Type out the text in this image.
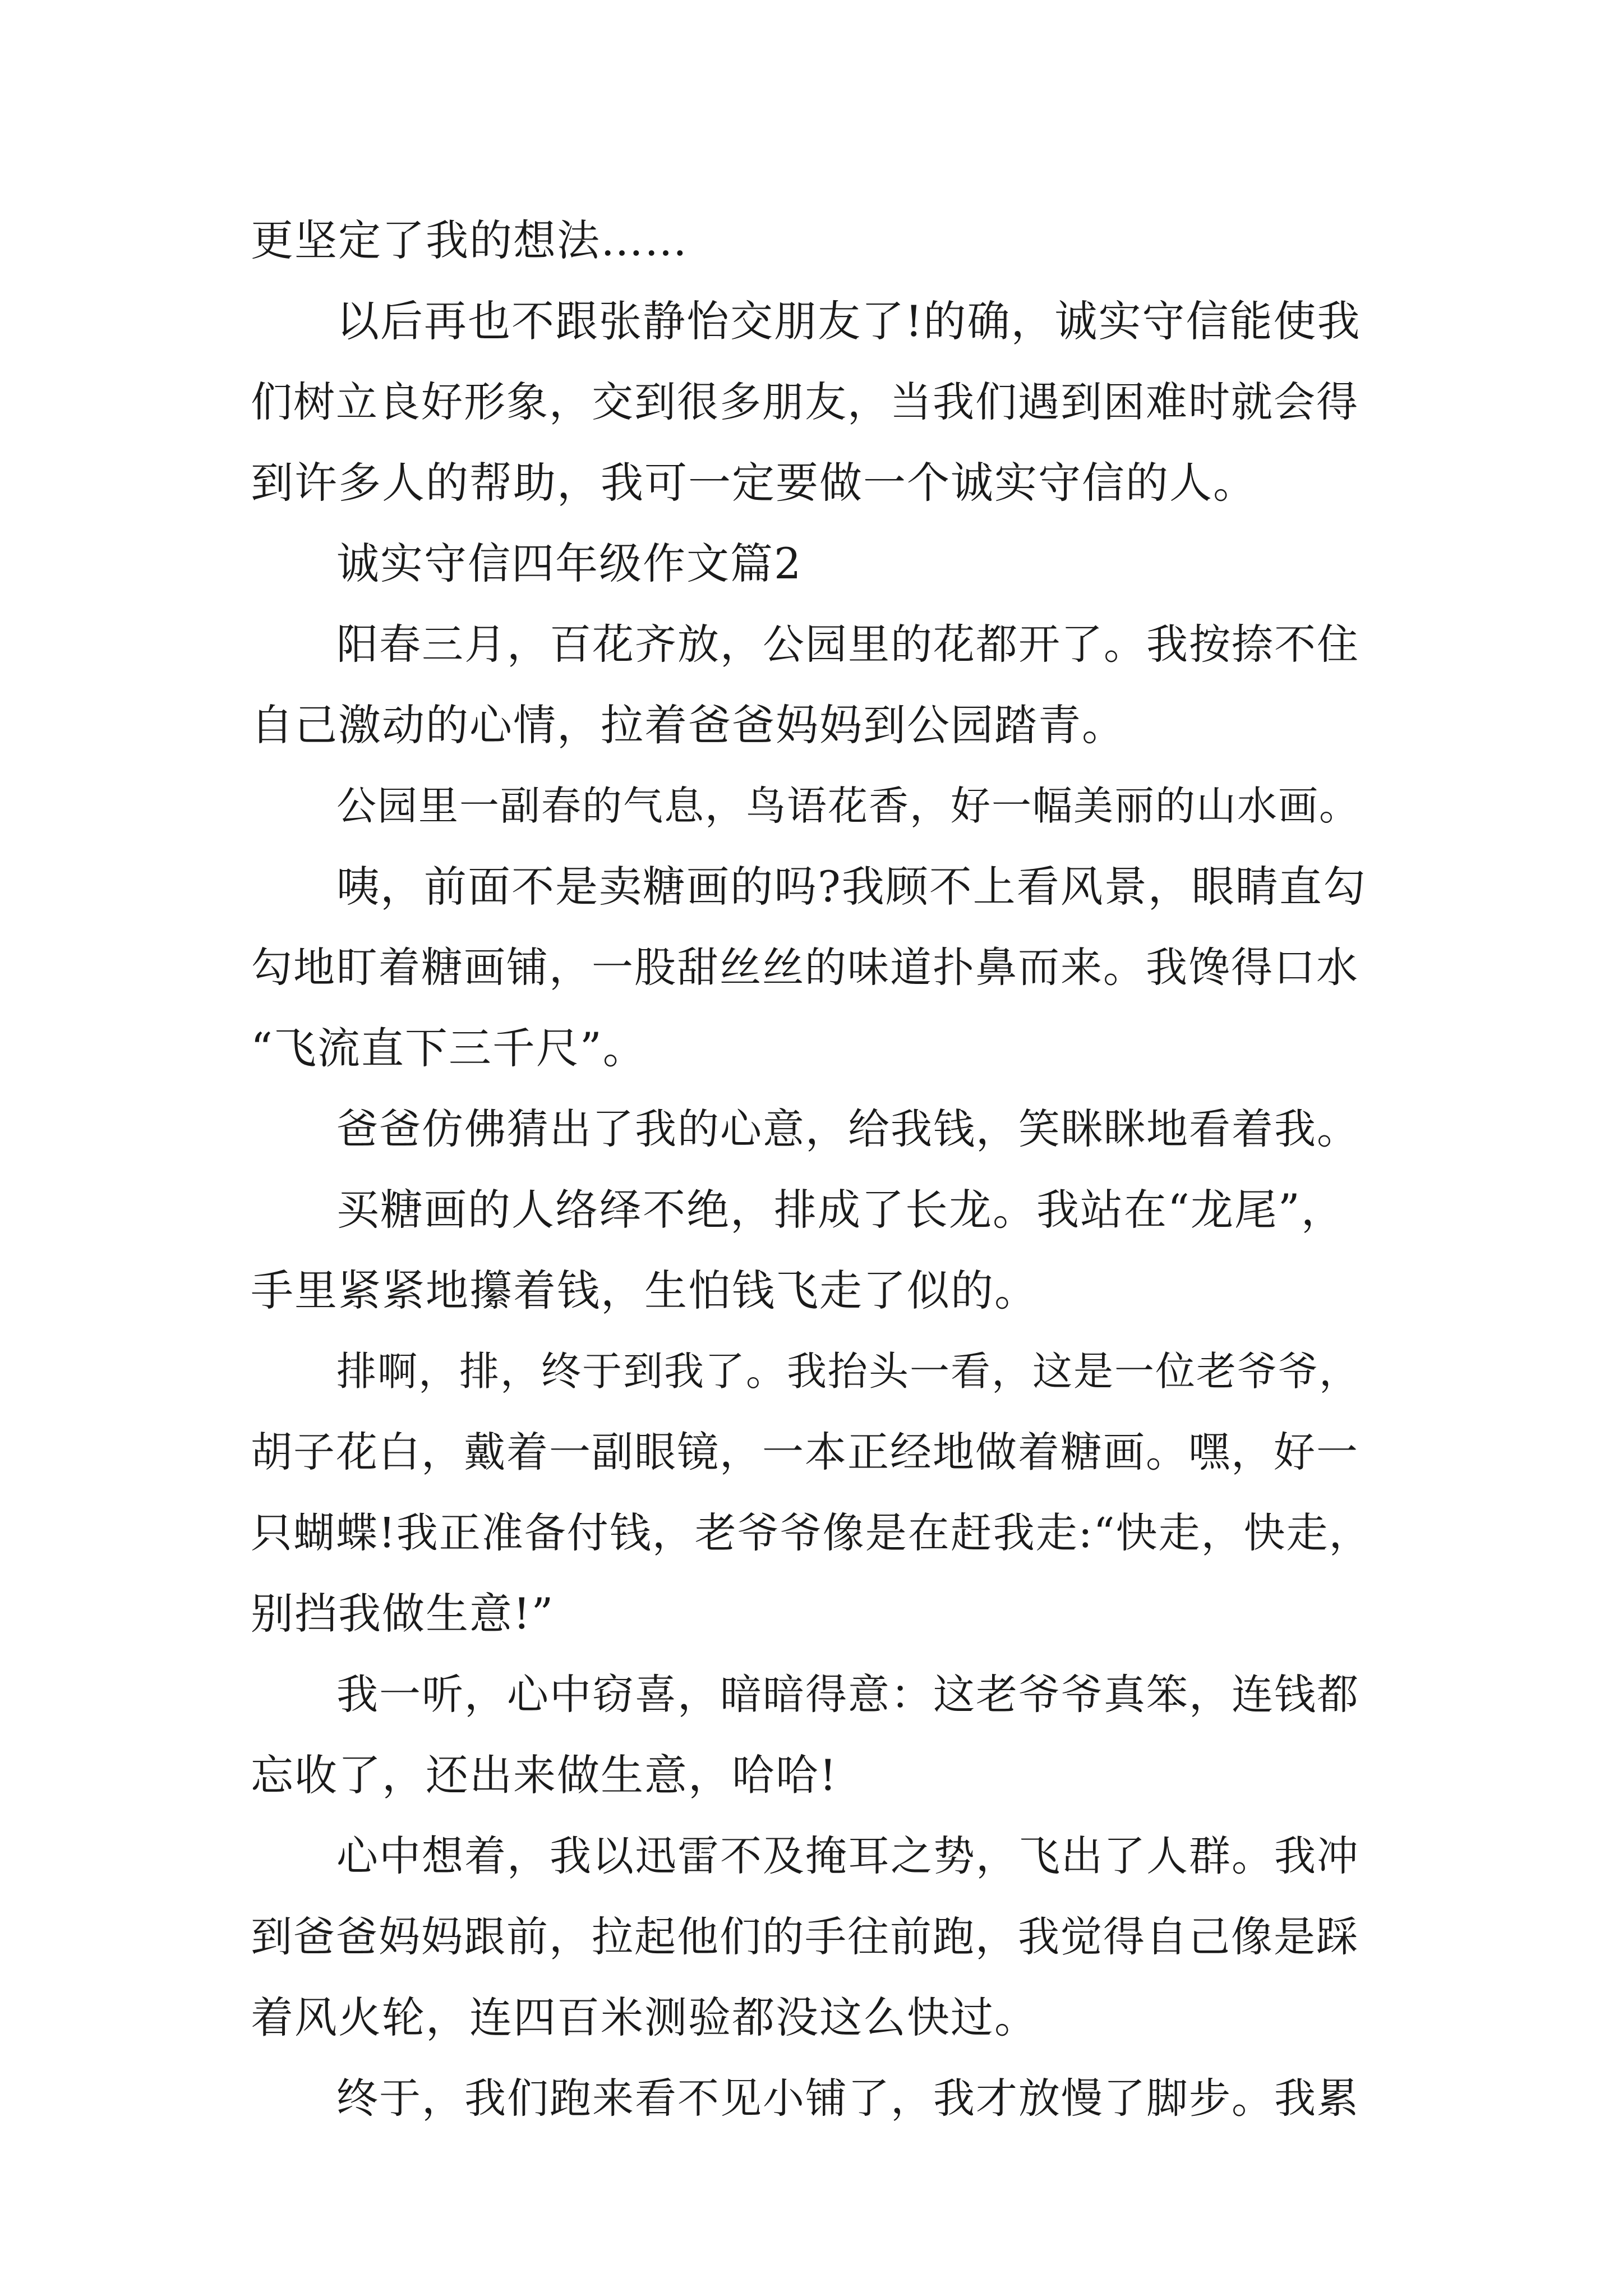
更坚定了我的想法……
以后再也不跟张静怡交朋友了!的确，诚实守信能使我
们树立良好形象，交到很多朋友，当我们遇到困难时就会得
到许多人的帮助，我可一定要做一个诚实守信的人。
诚实守信四年级作文篇2
阳春三月，百花齐放，公园里的花都开了。我按捺不住
自己激动的心情，拉着爸爸妈妈到公园踏青。
公园里一副春的气息，鸟语花香，好一幅美丽的山水画。
咦，前面不是卖糖画的吗?我顾不上看风景，眼睛直勾
勾地盯着糖画铺，一股甜丝丝的味道扑鼻而来。我馋得口水
“飞流直下三千尺”。
爸爸仿佛猜出了我的心意，给我钱，笑眯眯地看着我。
买糖画的人络绎不绝，排成了长龙。我站在“龙尾”，
手里紧紧地攥着钱，生怕钱飞走了似的。
排啊，排，终于到我了。我抬头一看，这是一位老爷爷，
胡子花白，戴着一副眼镜，一本正经地做着糖画。嘿，好一
只蝴蝶!我正准备付钱，老爷爷像是在赶我走:“快走，快走，
别挡我做生意!”
我一听，心中窃喜，暗暗得意：这老爷爷真笨，连钱都
忘收了，还出来做生意，哈哈!
心中想着，我以迅雷不及掩耳之势，飞出了人群。我冲
到爸爸妈妈跟前，拉起他们的手往前跑，我觉得自己像是踩
着风火轮，连四百米测验都没这么快过。
终于，我们跑来看不见小铺了，我才放慢了脚步。我累
